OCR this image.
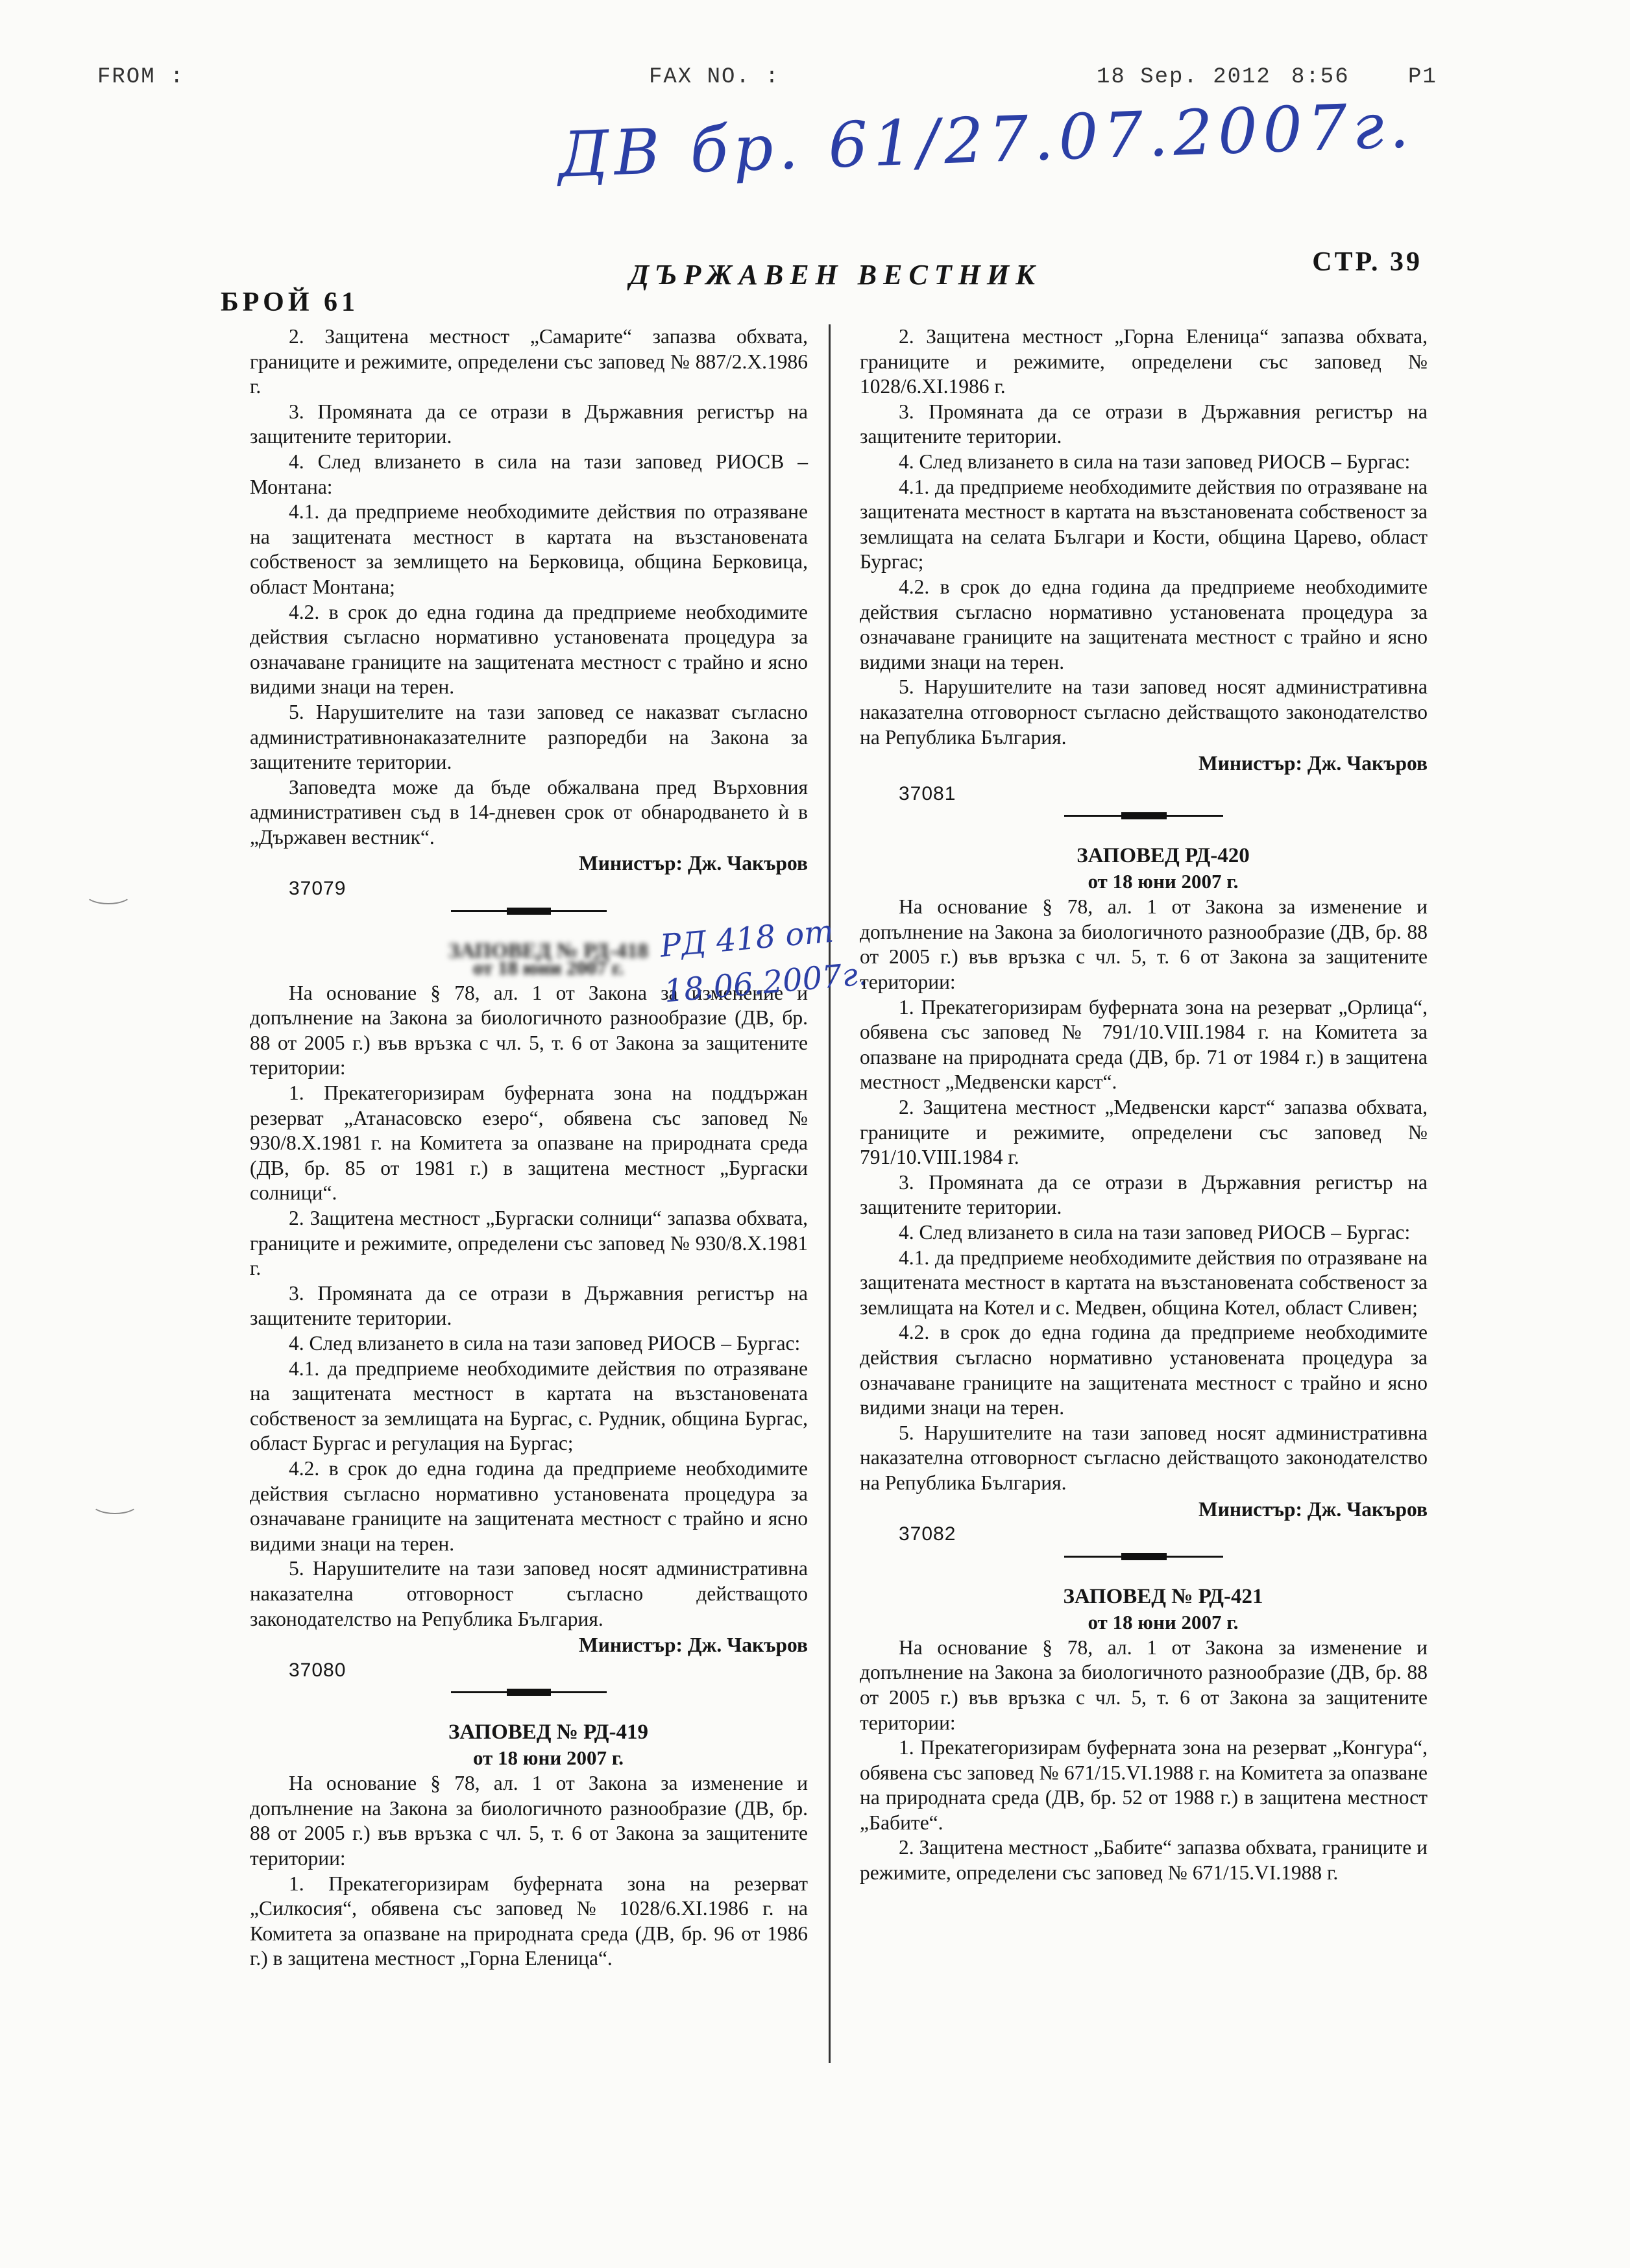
FROM :	FAX NO. :	18 Sep. 2012 8:56	P1
ДВ бр. 61/27.07.2007г.
БРОЙ 61
ДЪРЖАВЕН ВЕСТНИК	СТР. 39

2. Защитена местност „Самарите“ запазва обхвата, границите и режимите, определени със заповед № 887/2.Х.1986 г.

3. Промяната да се отрази в Държавния регистър на защитените територии.

4. След влизането в сила на тази заповед РИОСВ – Монтана:

4.1. да предприеме необходимите действия по отразяване на защитената местност в картата на възстановената собственост за землището на Берковица, община Берковица, област Монтана;

4.2. в срок до една година да предприеме необходимите действия съгласно нормативно установената процедура за означаване границите на защитената местност с трайно и ясно видими знаци на терен.

5. Нарушителите на тази заповед се наказват съгласно административнонаказателните разпоредби на Закона за защитените територии.

Заповедта може да бъде обжалвана пред Върховния административен съд в 14-дневен срок от обнародването ѝ в „Държавен вестник“.

Министър: Дж. Чакъров

37079

ЗАПОВЕД № РД-418

от 18 юни 2007 г.

На основание § 78, ал. 1 от Закона за изменение и допълнение на Закона за биологичното разнообразие (ДВ, бр. 88 от 2005 г.) във връзка с чл. 5, т. 6 от Закона за защитените територии:

1. Прекатегоризирам буферната зона на поддържан резерват „Атанасовско езеро“, обявена със заповед № 930/8.Х.1981 г. на Комитета за опазване на природната среда (ДВ, бр. 85 от 1981 г.) в защитена местност „Бургаски солници“.

2. Защитена местност „Бургаски солници“ запазва обхвата, границите и режимите, определени със заповед № 930/8.Х.1981 г.

3. Промяната да се отрази в Държавния регистър на защитените територии.

4. След влизането в сила на тази заповед РИОСВ – Бургас:

4.1. да предприеме необходимите действия по отразяване на защитената местност в картата на възстановената собственост за землищата на Бургас, с. Рудник, община Бургас, област Бургас и регулация на Бургас;

4.2. в срок до една година да предприеме необходимите действия съгласно нормативно установената процедура за означаване границите на защитената местност с трайно и ясно видими знаци на терен.

5. Нарушителите на тази заповед носят административна наказателна отговорност съгласно действащото законодателство на Република България.

Министър: Дж. Чакъров

37080

ЗАПОВЕД № РД-419

от 18 юни 2007 г.

На основание § 78, ал. 1 от Закона за изменение и допълнение на Закона за биологичното разнообразие (ДВ, бр. 88 от 2005 г.) във връзка с чл. 5, т. 6 от Закона за защитените територии:

1. Прекатегоризирам буферната зона на резерват „Силкосия“, обявена със заповед № 1028/6.ХI.1986 г. на Комитета за опазване на природната среда (ДВ, бр. 96 от 1986 г.) в защитена местност „Горна Еленица“.

РД 418 от
18.06.2007г.

2. Защитена местност „Горна Еленица“ запазва обхвата, границите и режимите, определени със заповед № 1028/6.ХI.1986 г.

3. Промяната да се отрази в Държавния регистър на защитените територии.

4. След влизането в сила на тази заповед РИОСВ – Бургас:

4.1. да предприеме необходимите действия по отразяване на защитената местност в картата на възстановената собственост за землищата на селата Българи и Кости, община Царево, област Бургас;

4.2. в срок до една година да предприеме необходимите действия съгласно нормативно установената процедура за означаване границите на защитената местност с трайно и ясно видими знаци на терен.

5. Нарушителите на тази заповед носят административна наказателна отговорност съгласно действащото законодателство на Република България.

Министър: Дж. Чакъров

37081

ЗАПОВЕД РД-420

от 18 юни 2007 г.

На основание § 78, ал. 1 от Закона за изменение и допълнение на Закона за биологичното разнообразие (ДВ, бр. 88 от 2005 г.) във връзка с чл. 5, т. 6 от Закона за защитените територии:

1. Прекатегоризирам буферната зона на резерват „Орлица“, обявена със заповед № 791/10.VIII.1984 г. на Комитета за опазване на природната среда (ДВ, бр. 71 от 1984 г.) в защитена местност „Медвенски карст“.

2. Защитена местност „Медвенски карст“ запазва обхвата, границите и режимите, определени със заповед № 791/10.VIII.1984 г.

3. Промяната да се отрази в Държавния регистър на защитените територии.

4. След влизането в сила на тази заповед РИОСВ – Бургас:

4.1. да предприеме необходимите действия по отразяване на защитената местност в картата на възстановената собственост за землищата на Котел и с. Медвен, община Котел, област Сливен;

4.2. в срок до една година да предприеме необходимите действия съгласно нормативно установената процедура за означаване границите на защитената местност с трайно и ясно видими знаци на терен.

5. Нарушителите на тази заповед носят административна наказателна отговорност съгласно действащото законодателство на Република България.

Министър: Дж. Чакъров

37082

ЗАПОВЕД № РД-421

от 18 юни 2007 г.

На основание § 78, ал. 1 от Закона за изменение и допълнение на Закона за биологичното разнообразие (ДВ, бр. 88 от 2005 г.) във връзка с чл. 5, т. 6 от Закона за защитените територии:

1. Прекатегоризирам буферната зона на резерват „Конгура“, обявена със заповед № 671/15.VI.1988 г. на Комитета за опазване на природната среда (ДВ, бр. 52 от 1988 г.) в защитена местност „Бабите“.

2. Защитена местност „Бабите“ запазва обхвата, границите и режимите, определени със заповед № 671/15.VI.1988 г.
